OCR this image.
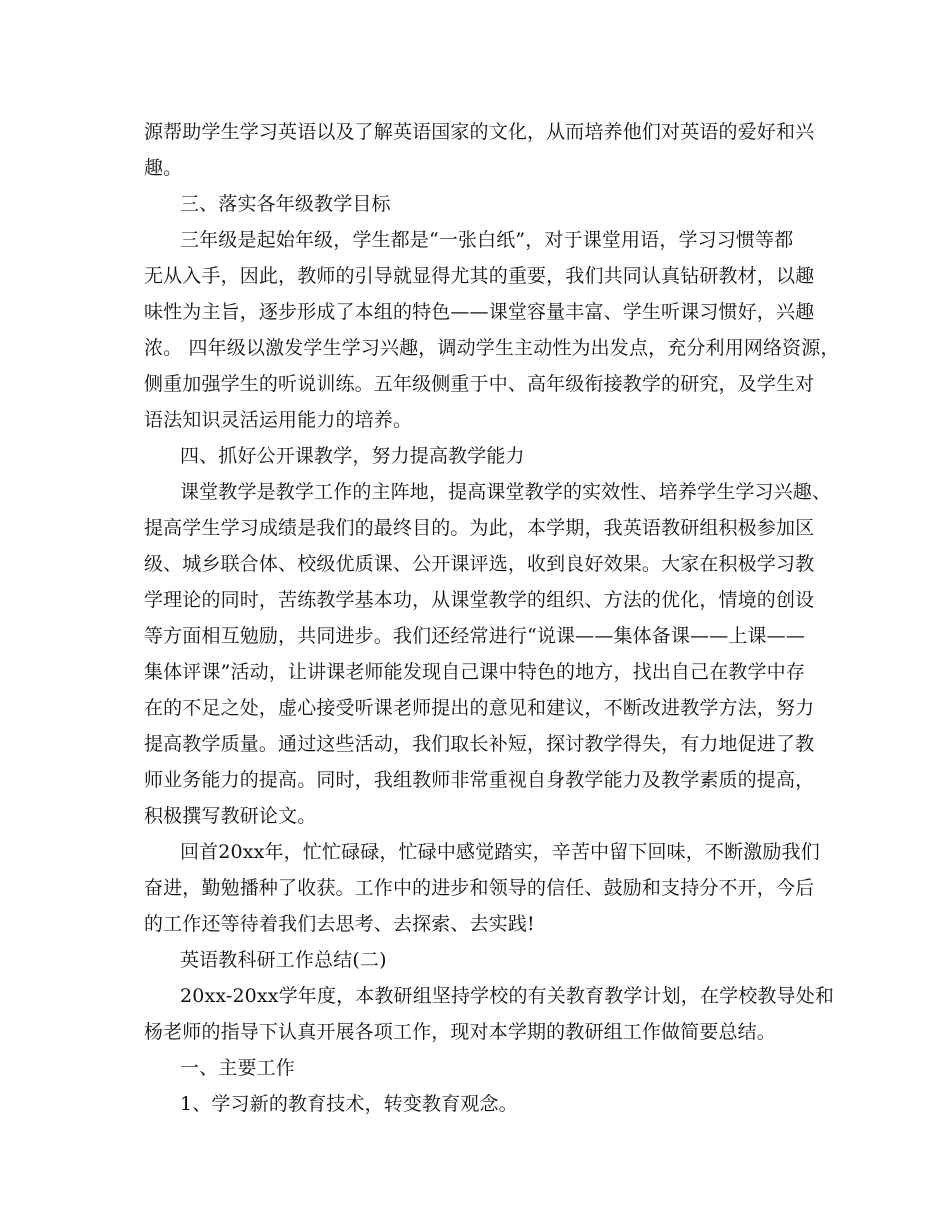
源帮助学生学习英语以及了解英语国家的文化，从而培养他们对英语的爱好和兴
趣。
三、落实各年级教学目标
三年级是起始年级，学生都是“一张白纸”，对于课堂用语，学习习惯等都
无从入手，因此，教师的引导就显得尤其的重要，我们共同认真钻研教材，以趣
味性为主旨，逐步形成了本组的特色——课堂容量丰富、学生听课习惯好，兴趣
浓。 四年级以激发学生学习兴趣，调动学生主动性为出发点，充分利用网络资源，
侧重加强学生的听说训练。五年级侧重于中、高年级衔接教学的研究，及学生对
语法知识灵活运用能力的培养。
四、抓好公开课教学，努力提高教学能力
课堂教学是教学工作的主阵地，提高课堂教学的实效性、培养学生学习兴趣、
提高学生学习成绩是我们的最终目的。为此，本学期，我英语教研组积极参加区
级、城乡联合体、校级优质课、公开课评选，收到良好效果。大家在积极学习教
学理论的同时，苦练教学基本功，从课堂教学的组织、方法的优化，情境的创设
等方面相互勉励，共同进步。我们还经常进行“说课——集体备课——上课——
集体评课”活动，让讲课老师能发现自己课中特色的地方，找出自己在教学中存
在的不足之处，虚心接受听课老师提出的意见和建议，不断改进教学方法，努力
提高教学质量。通过这些活动，我们取长补短，探讨教学得失，有力地促进了教
师业务能力的提高。同时，我组教师非常重视自身教学能力及教学素质的提高，
积极撰写教研论文。
回首20xx年，忙忙碌碌，忙碌中感觉踏实，辛苦中留下回味，不断激励我们
奋进，勤勉播种了收获。工作中的进步和领导的信任、鼓励和支持分不开，今后
的工作还等待着我们去思考、去探索、去实践!
英语教科研工作总结(二)
20xx-20xx学年度，本教研组坚持学校的有关教育教学计划，在学校教导处和
杨老师的指导下认真开展各项工作，现对本学期的教研组工作做简要总结。
一、主要工作
1、学习新的教育技术，转变教育观念。
